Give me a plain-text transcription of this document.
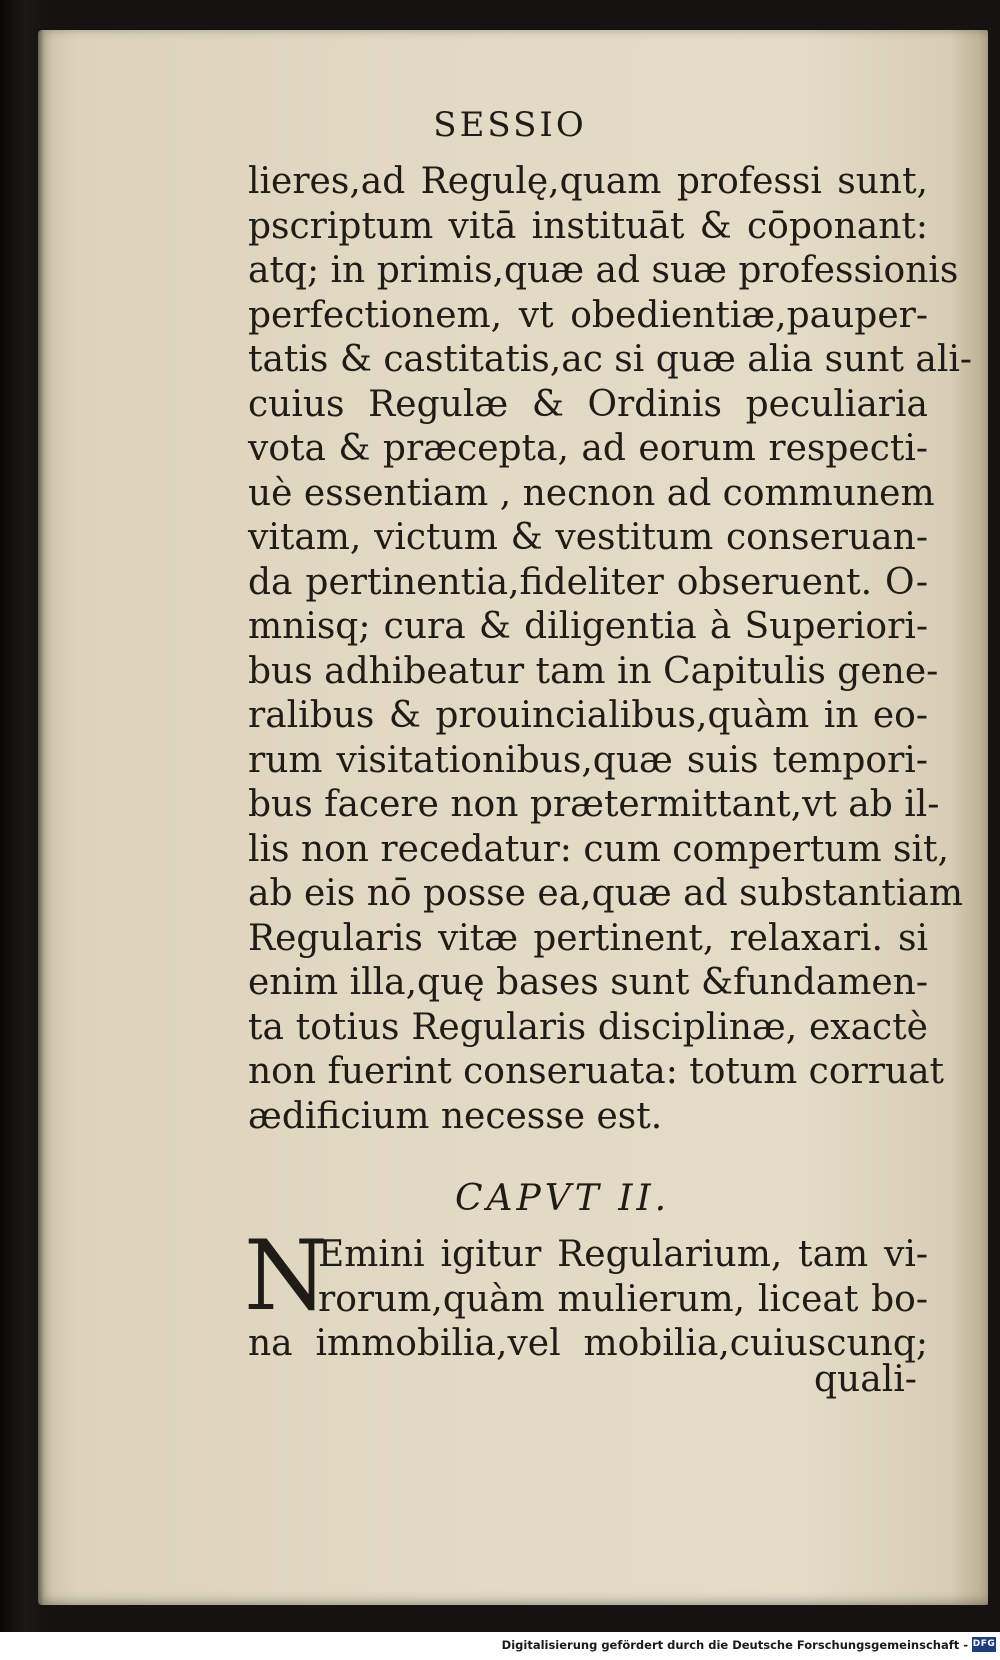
SESSIO
lieres,ad Regulę,quam professi sunt,
pscriptum vitā instituāt & cōponant:
atq; in primis,quæ ad suæ professionis
perfectionem, vt obedientiæ,pauper-
tatis & castitatis,ac si quæ alia sunt ali-
cuius Regulæ & Ordinis peculiaria
vota & præcepta, ad eorum respecti-
uè essentiam , necnon ad communem
vitam, victum & vestitum conseruan-
da pertinentia,fideliter obseruent. O-
mnisq; cura & diligentia à Superiori-
bus adhibeatur tam in Capitulis gene-
ralibus & prouincialibus,quàm in eo-
rum visitationibus,quæ suis tempori-
bus facere non prætermittant,vt ab il-
lis non recedatur: cum compertum sit,
ab eis nō posse ea,quæ ad substantiam
Regularis vitæ pertinent, relaxari. si
enim illa,quę bases sunt &fundamen-
ta totius Regularis disciplinæ, exactè
non fuerint conseruata: totum corruat
ædificium necesse est.
CAPVT II.
N
Emini igitur Regularium, tam vi-
rorum,quàm mulierum, liceat bo-
na immobilia,vel mobilia,cuiuscunq;
quali-
Digitalisierung gefördert durch die Deutsche Forschungsgemeinschaft - DFG
